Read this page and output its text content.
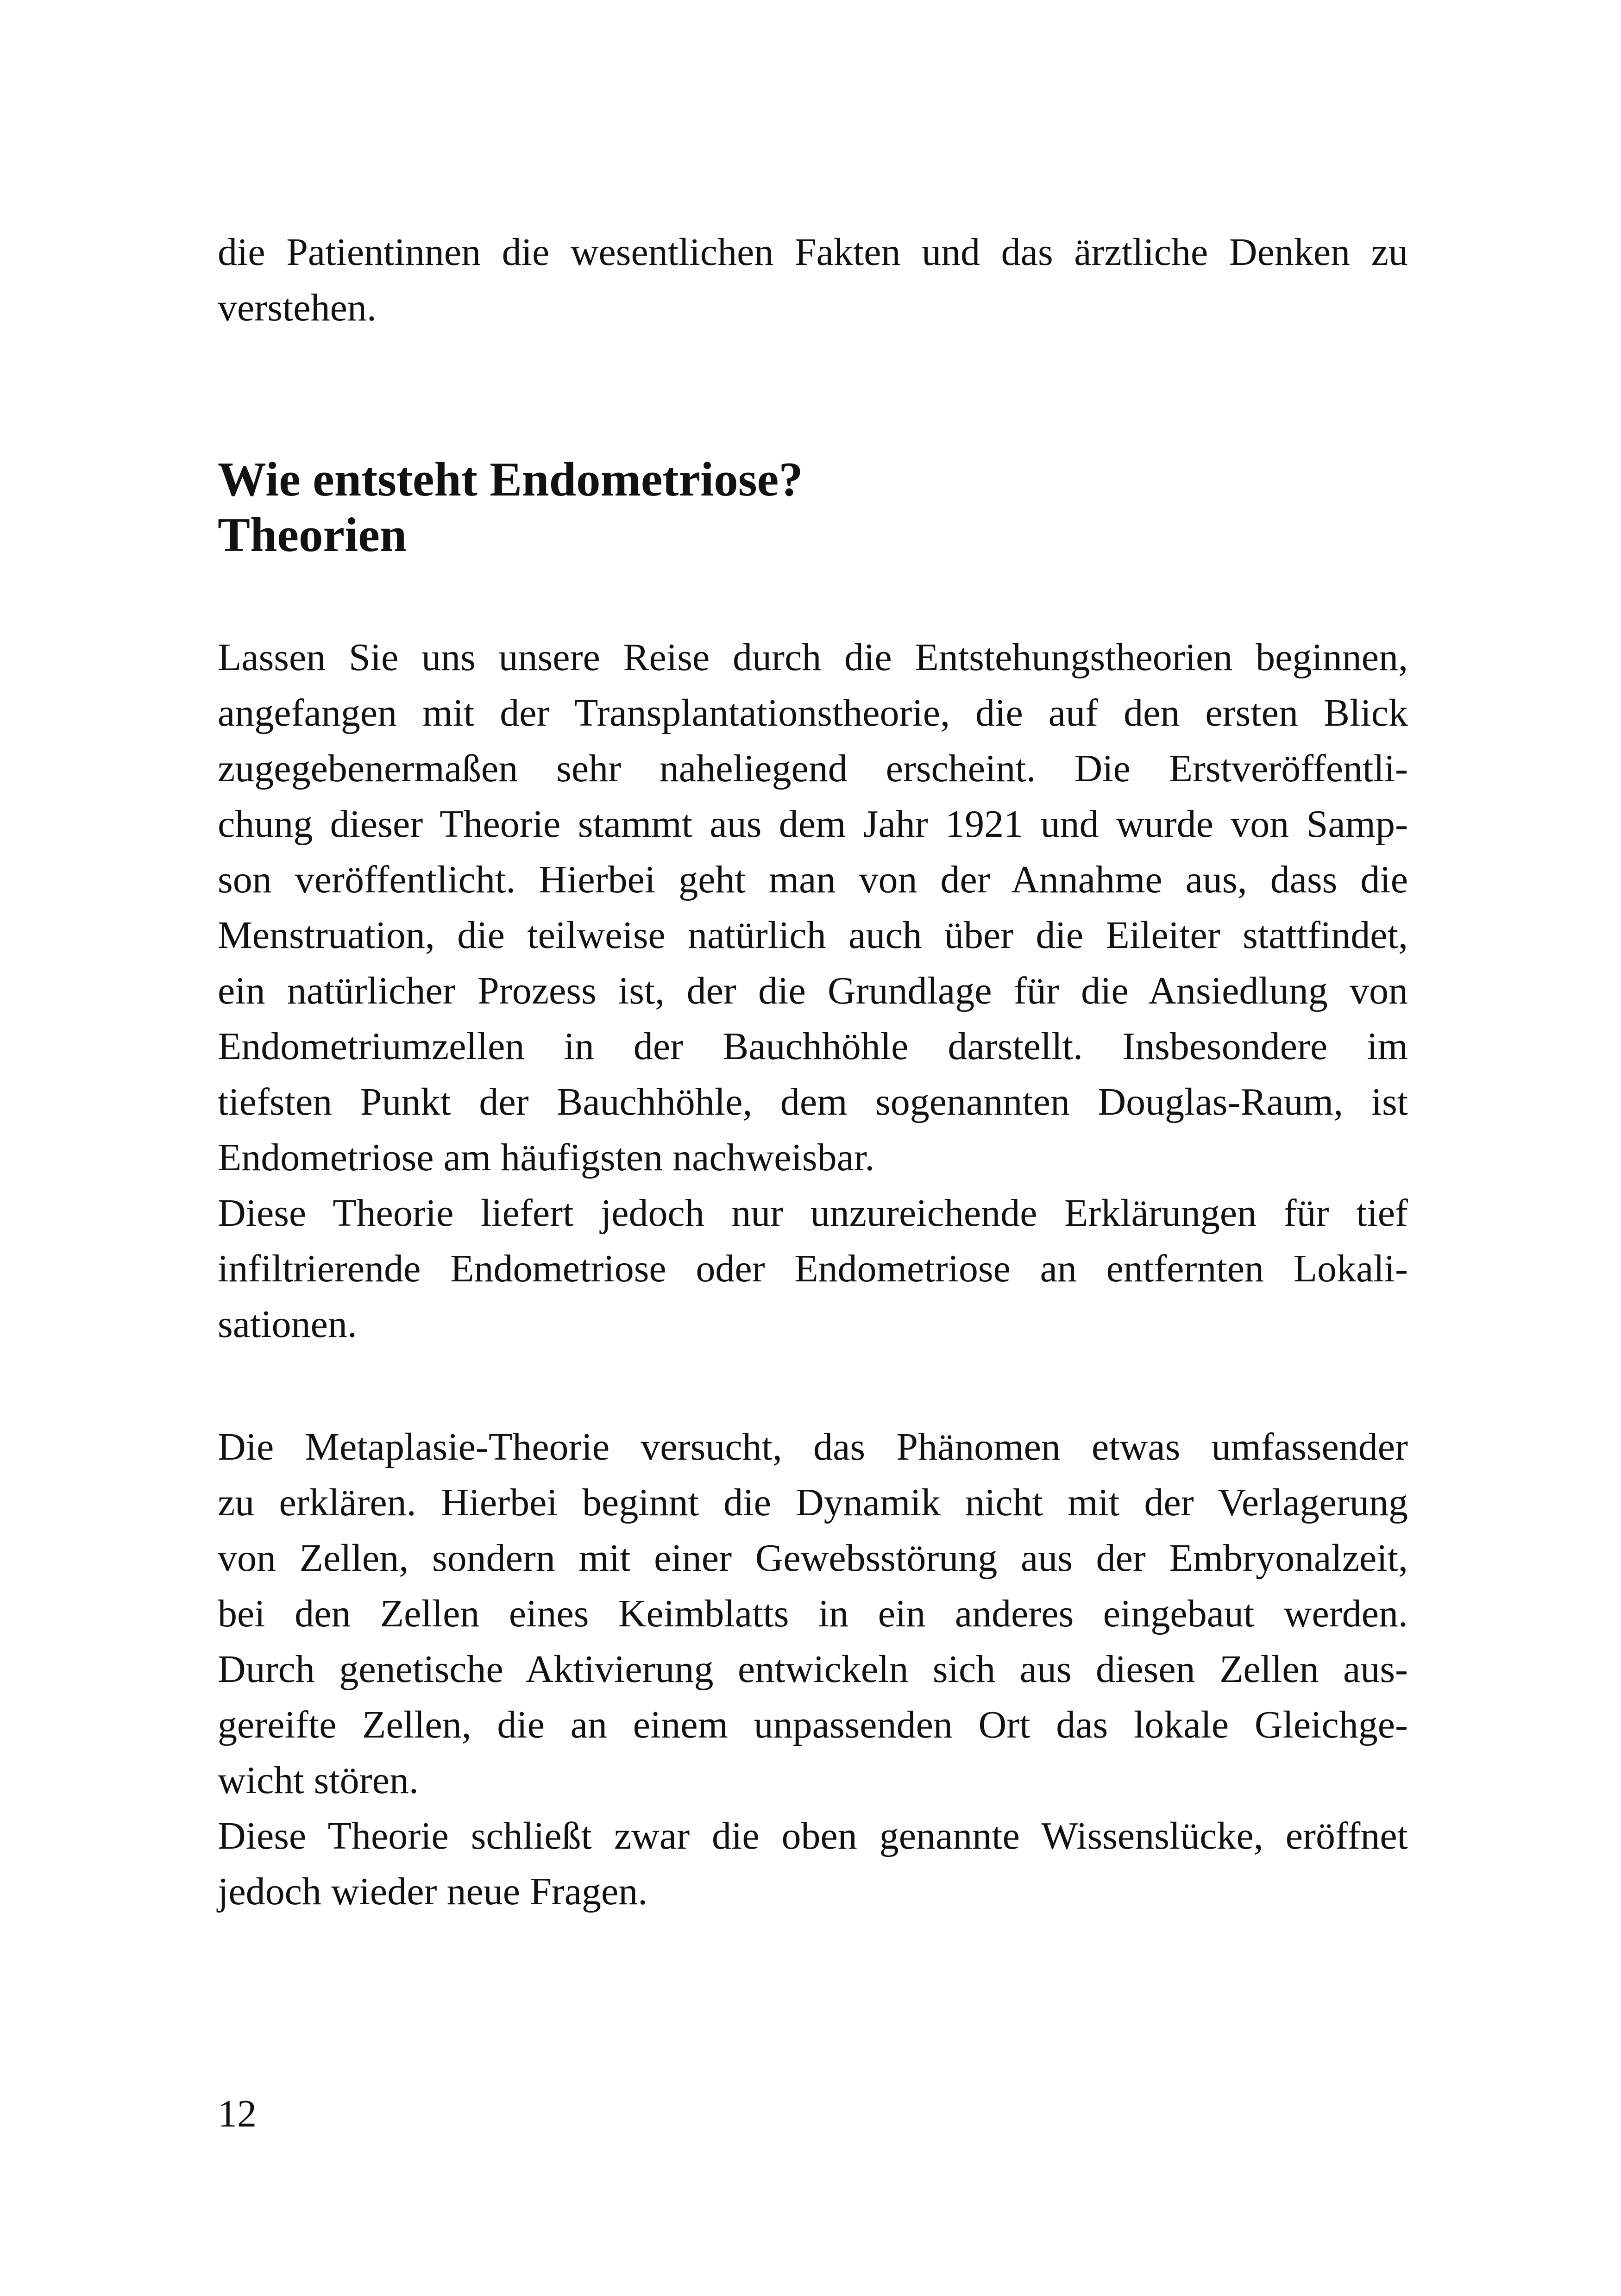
die Patientinnen die wesentlichen Fakten und das ärztliche Denken zu
verstehen.
Wie entsteht Endometriose?
Theorien
Lassen Sie uns unsere Reise durch die Entstehungstheorien beginnen,
angefangen mit der Transplantationstheorie, die auf den ersten Blick
zugegebenermaßen sehr naheliegend erscheint. Die Erstveröffentli-
chung dieser Theorie stammt aus dem Jahr 1921 und wurde von Samp-
son veröffentlicht. Hierbei geht man von der Annahme aus, dass die
Menstruation, die teilweise natürlich auch über die Eileiter stattfindet,
ein natürlicher Prozess ist, der die Grundlage für die Ansiedlung von
Endometriumzellen in der Bauchhöhle darstellt. Insbesondere im
tiefsten Punkt der Bauchhöhle, dem sogenannten Douglas-Raum, ist
Endometriose am häufigsten nachweisbar.
Diese Theorie liefert jedoch nur unzureichende Erklärungen für tief
infiltrierende Endometriose oder Endometriose an entfernten Lokali-
sationen.
Die Metaplasie-Theorie versucht, das Phänomen etwas umfassender
zu erklären. Hierbei beginnt die Dynamik nicht mit der Verlagerung
von Zellen, sondern mit einer Gewebsstörung aus der Embryonalzeit,
bei den Zellen eines Keimblatts in ein anderes eingebaut werden.
Durch genetische Aktivierung entwickeln sich aus diesen Zellen aus-
gereifte Zellen, die an einem unpassenden Ort das lokale Gleichge-
wicht stören.
Diese Theorie schließt zwar die oben genannte Wissenslücke, eröffnet
jedoch wieder neue Fragen.
12
